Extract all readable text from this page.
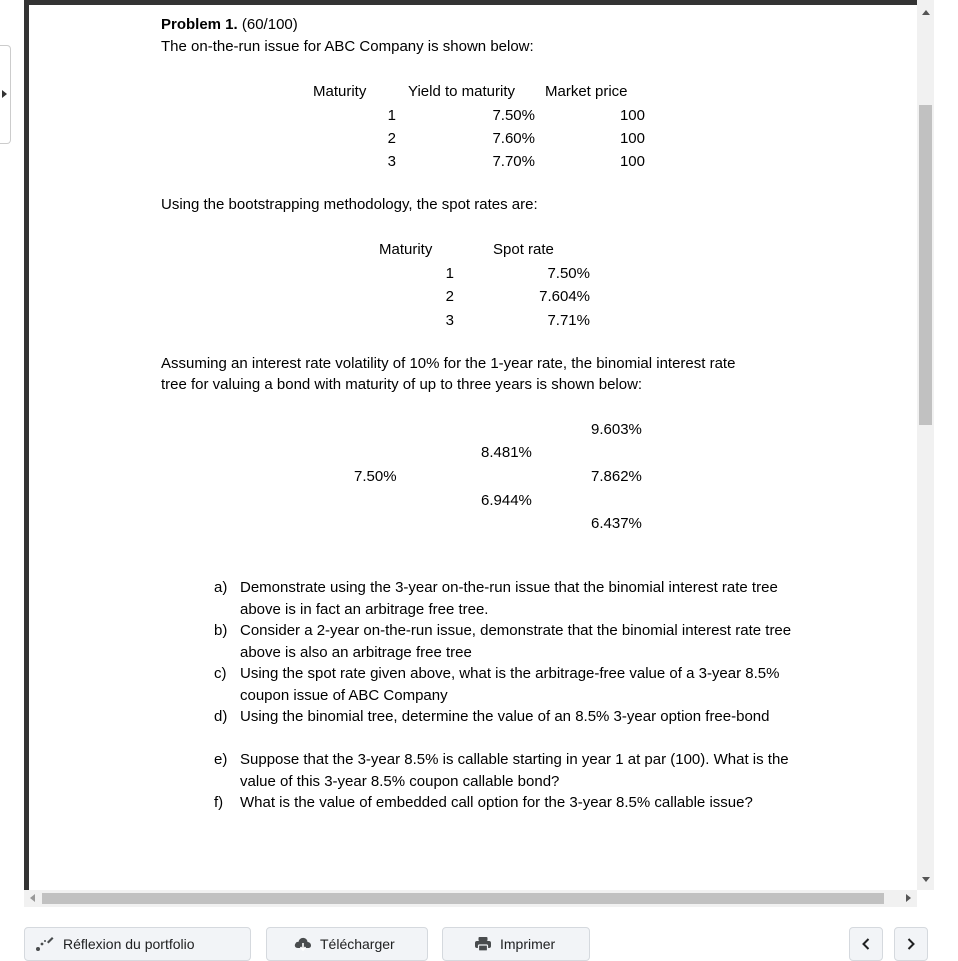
Problem 1. (60/100)
The on-the-run issue for ABC Company is shown below:
Maturity	Yield to maturity Market price
1	7.50%	100
2	7.60%	100
3	7.70%	100
Using the bootstrapping methodology, the spot rates are:
Maturity	Spot rate
1	7.50%
2	7.604%
3	7.71%
Assuming an interest rate volatility of 10% for the 1-year rate, the binomial interest rate
tree for valuing a bond with maturity of up to three years is shown below:
9.603%
8.481%
7.50%	7.862%
6.944%
6.437%
a) Demonstrate using the 3-year on-the-run issue that the binomial interest rate tree above is in fact an arbitrage free tree.
b) Consider a 2-year on-the-run issue, demonstrate that the binomial interest rate tree above is also an arbitrage free tree
c) Using the spot rate given above, what is the arbitrage-free value of a 3-year 8.5% coupon issue of ABC Company
d) Using the binomial tree, determine the value of an 8.5% 3-year option free-bond
e) Suppose that the 3-year 8.5% is callable starting in year 1 at par (100). What is the value of this 3-year 8.5% coupon callable bond?
f) What is the value of embedded call option for the 3-year 8.5% callable issue?
Réflexion du portfolio	Télécharger	Imprimer
